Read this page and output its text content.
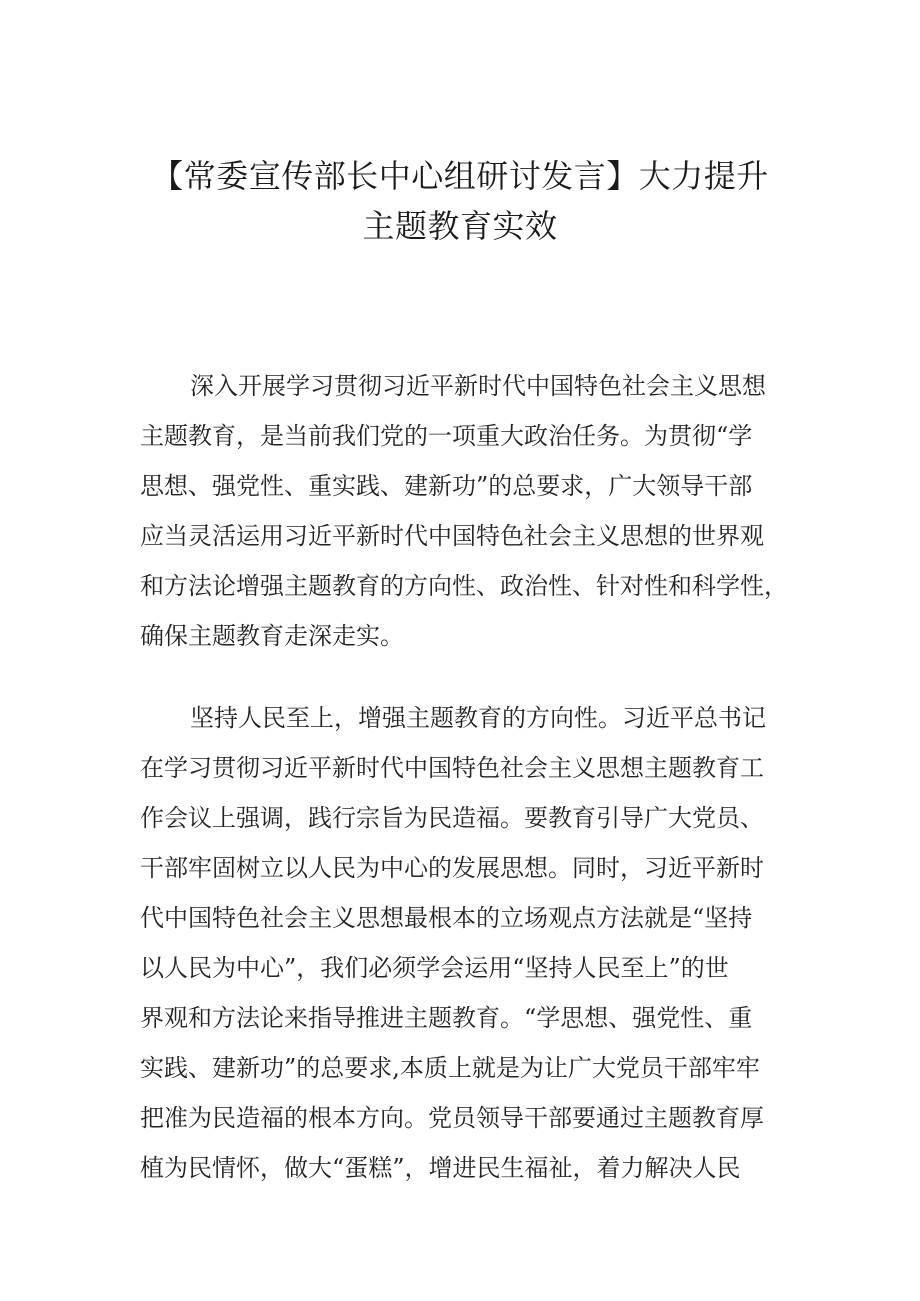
【常委宣传部长中心组研讨发言】大力提升
主题教育实效
深入开展学习贯彻习近平新时代中国特色社会主义思想
主题教育，是当前我们党的一项重大政治任务。为贯彻“学
思想、强党性、重实践、建新功”的总要求，广大领导干部
应当灵活运用习近平新时代中国特色社会主义思想的世界观
和方法论增强主题教育的方向性、政治性、针对性和科学性，
确保主题教育走深走实。
坚持人民至上，增强主题教育的方向性。习近平总书记
在学习贯彻习近平新时代中国特色社会主义思想主题教育工
作会议上强调，践行宗旨为民造福。要教育引导广大党员、
干部牢固树立以人民为中心的发展思想。同时，习近平新时
代中国特色社会主义思想最根本的立场观点方法就是“坚持
以人民为中心”，我们必须学会运用“坚持人民至上”的世
界观和方法论来指导推进主题教育。“学思想、强党性、重
实践、建新功”的总要求,本质上就是为让广大党员干部牢牢
把准为民造福的根本方向。党员领导干部要通过主题教育厚
植为民情怀，做大“蛋糕”，增进民生福祉，着力解决人民
